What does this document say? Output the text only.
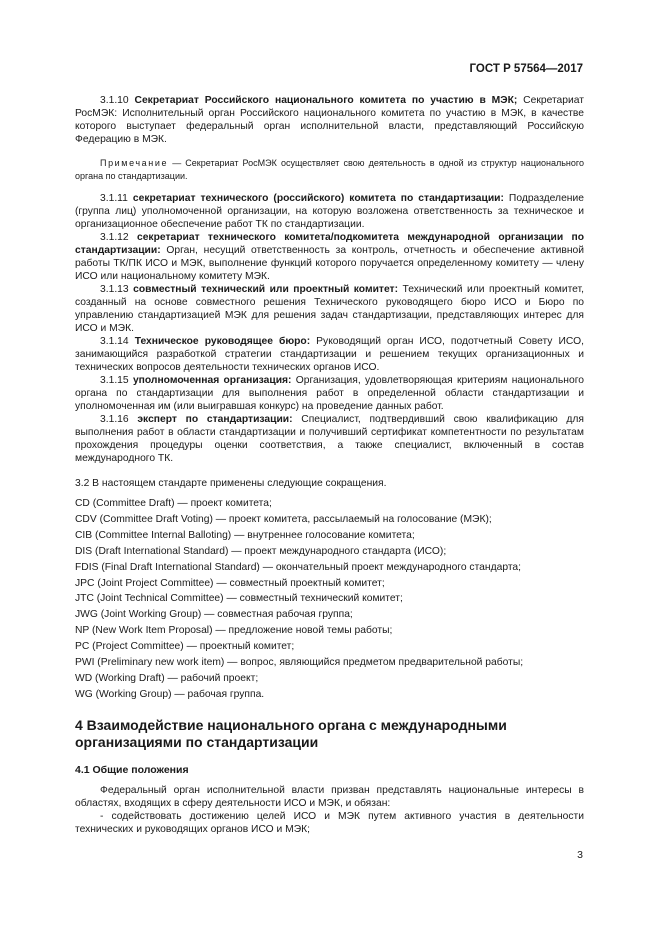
ГОСТ Р 57564—2017

3.1.10 Секретариат Российского национального комитета по участию в МЭК; Секретариат РосМЭК: Исполнительный орган Российского национального комитета по участию в МЭК, в качестве которого выступает федеральный орган исполнительной власти, представляющий Российскую Федерацию в МЭК.

Примечание — Секретариат РосМЭК осуществляет свою деятельность в одной из структур национального органа по стандартизации.

3.1.11 секретариат технического (российского) комитета по стандартизации: Подразделение (группа лиц) уполномоченной организации, на которую возложена ответственность за техническое и организационное обеспечение работ ТК по стандартизации.

3.1.12 секретариат технического комитета/подкомитета международной организации по стандартизации: Орган, несущий ответственность за контроль, отчетность и обеспечение активной работы ТК/ПК ИСО и МЭК, выполнение функций которого поручается определенному комитету — члену ИСО или национальному комитету МЭК.

3.1.13 совместный технический или проектный комитет: Технический или проектный комитет, созданный на основе совместного решения Технического руководящего бюро ИСО и Бюро по управлению стандартизацией МЭК для решения задач стандартизации, представляющих интерес для ИСО и МЭК.

3.1.14 Техническое руководящее бюро: Руководящий орган ИСО, подотчетный Совету ИСО, занимающийся разработкой стратегии стандартизации и решением текущих организационных и технических вопросов деятельности технических органов ИСО.

3.1.15 уполномоченная организация: Организация, удовлетворяющая критериям национального органа по стандартизации для выполнения работ в определенной области стандартизации и уполномоченная им (или выигравшая конкурс) на проведение данных работ.

3.1.16 эксперт по стандартизации: Специалист, подтвердивший свою квалификацию для выполнения работ в области стандартизации и получивший сертификат компетентности по результатам прохождения процедуры оценки соответствия, а также специалист, включенный в состав международного ТК.

3.2 В настоящем стандарте применены следующие сокращения.

CD (Committee Draft) — проект комитета;

CDV (Committee Draft Voting) — проект комитета, рассылаемый на голосование (МЭК);

CIB (Committee Internal Balloting) — внутреннее голосование комитета;

DIS (Draft International Standard) — проект международного стандарта (ИСО);

FDIS (Final Draft International Standard) — окончательный проект международного стандарта;

JPC (Joint Project Committee) — совместный проектный комитет;

JTC (Joint Technical Committee) — совместный технический комитет;

JWG (Joint Working Group) — совместная рабочая группа;

NP (New Work Item Proposal) — предложение новой темы работы;

PC (Project Committee) — проектный комитет;

PWI (Preliminary new work item) — вопрос, являющийся предметом предварительной работы;

WD (Working Draft) — рабочий проект;

WG (Working Group) — рабочая группа.

4 Взаимодействие национального органа с международными организациями по стандартизации

4.1 Общие положения

Федеральный орган исполнительной власти призван представлять национальные интересы в областях, входящих в сферу деятельности ИСО и МЭК, и обязан:

- содействовать достижению целей ИСО и МЭК путем активного участия в деятельности технических и руководящих органов ИСО и МЭК;

3
